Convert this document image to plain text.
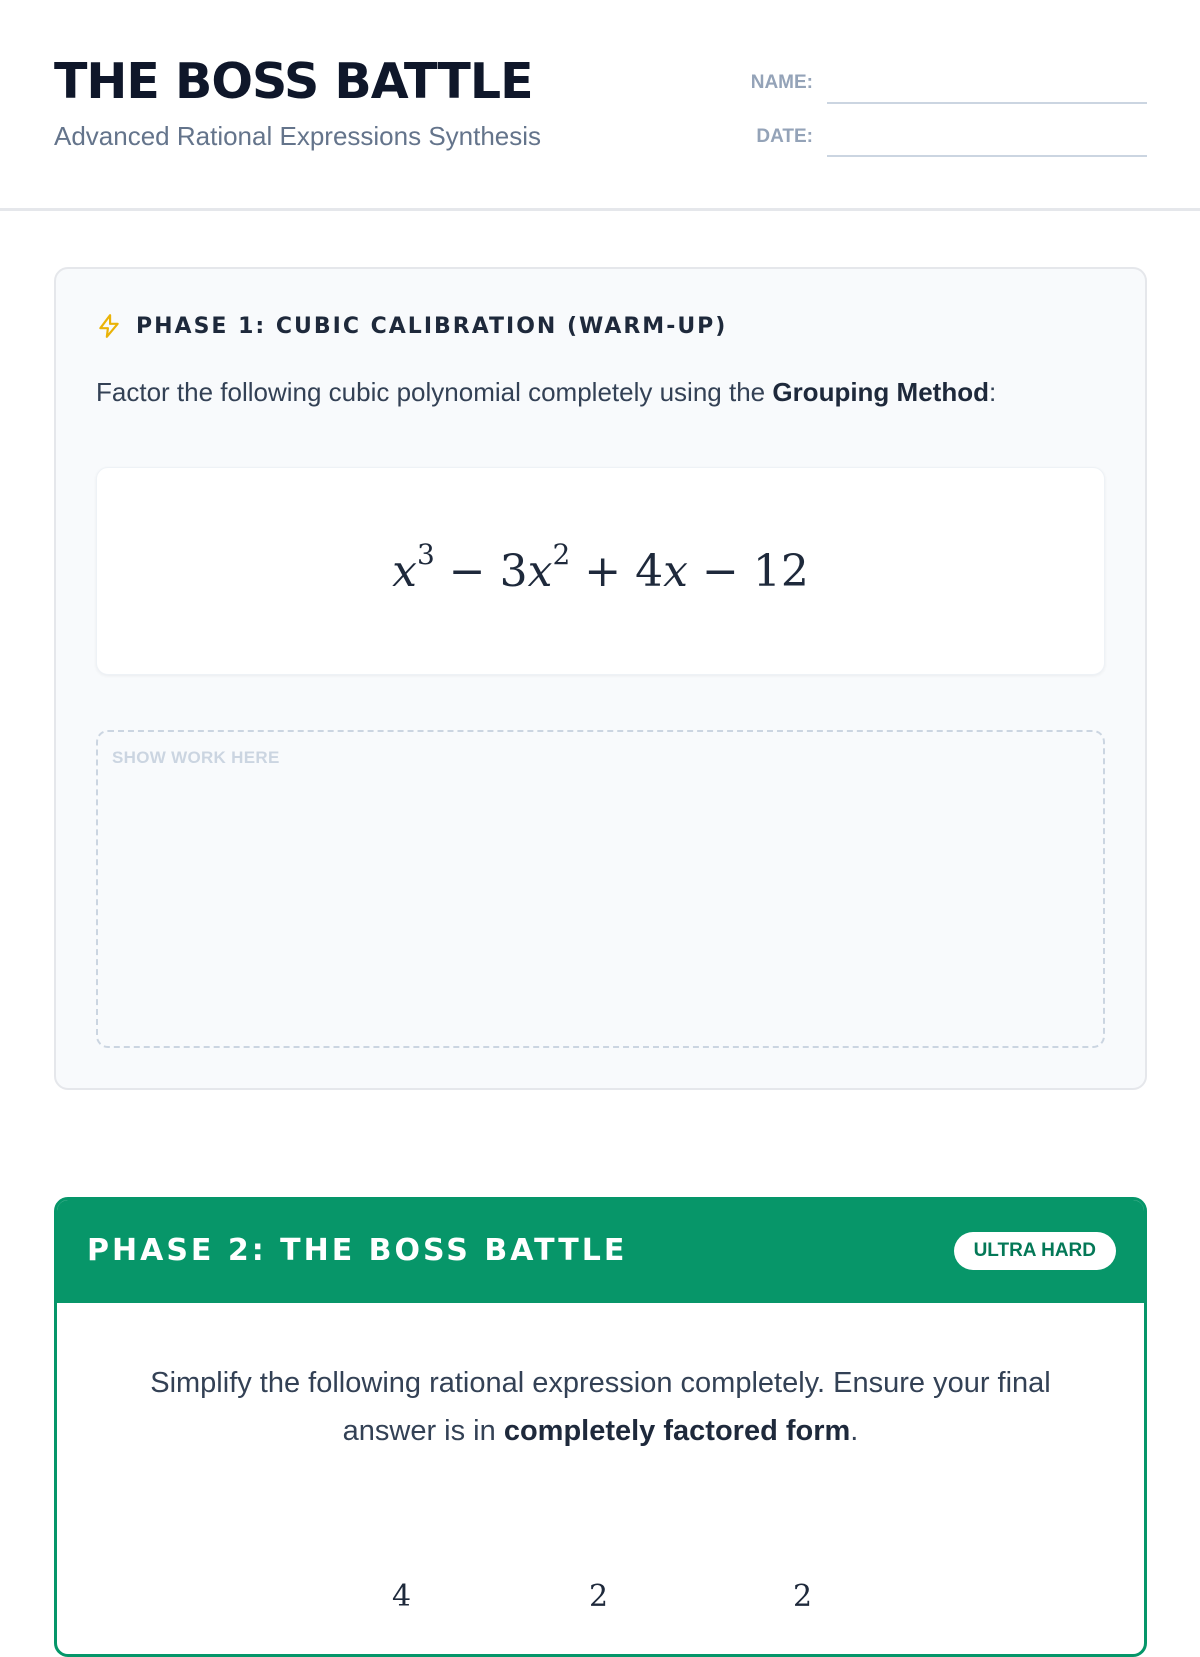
THE BOSS BATTLE
Advanced Rational Expressions Synthesis
NAME:
DATE:
PHASE 1: CUBIC CALIBRATION (WARM-UP)
Factor the following cubic polynomial completely using the Grouping Method:
$x^3 - 3x^2 + 4x - 12$
SHOW WORK HERE
PHASE 2: THE BOSS BATTLE	ULTRA HARD
Simplify the following rational expression completely. Ensure your final answer is in completely factored form.
4	2	2
